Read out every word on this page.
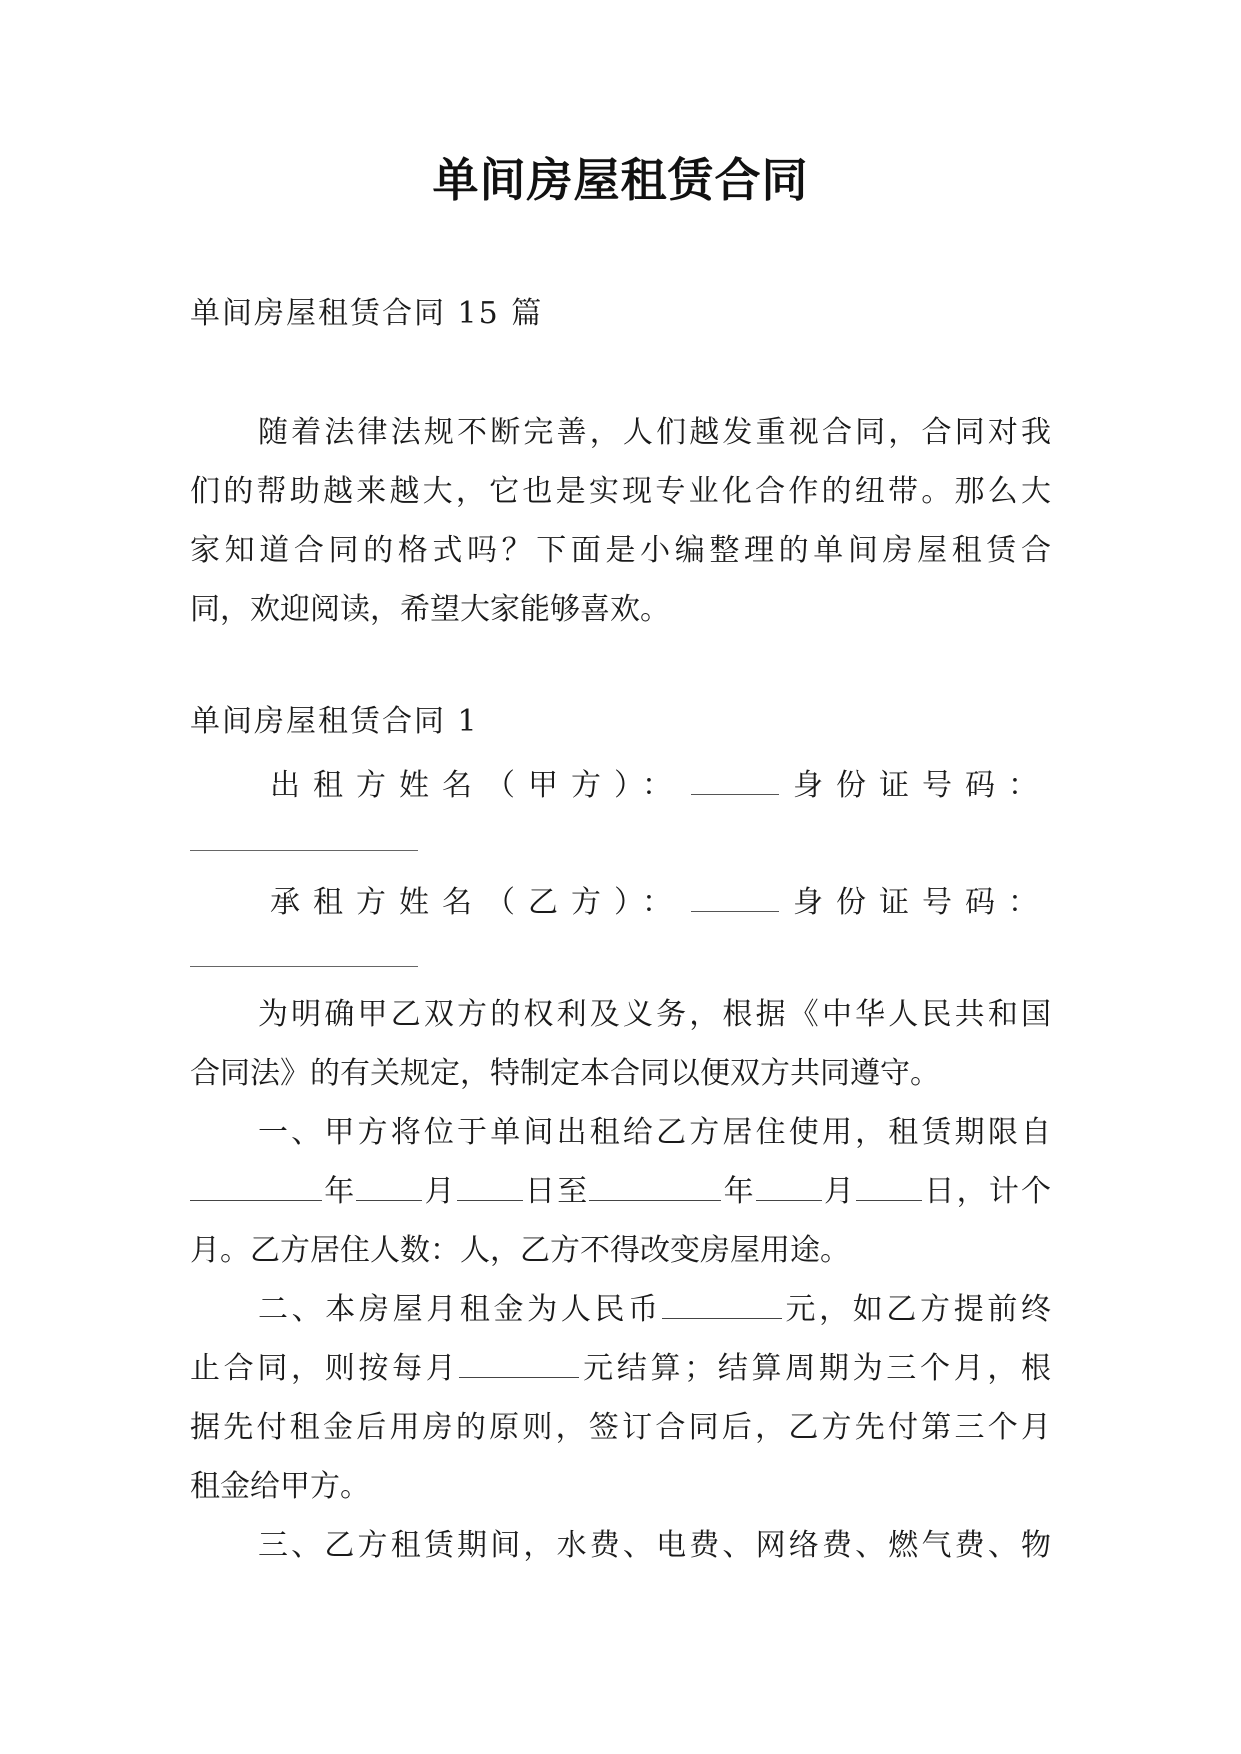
单间房屋租赁合同
单间房屋租赁合同 15 篇
随着法律法规不断完善，人们越发重视合同，合同对我
们的帮助越来越大，它也是实现专业化合作的纽带。那么大
家知道合同的格式吗？下面是小编整理的单间房屋租赁合
同，欢迎阅读，希望大家能够喜欢。
单间房屋租赁合同 1
出租方姓名（甲方）：	身份证号码：
承租方姓名（乙方）：	身份证号码：
为明确甲乙双方的权利及义务，根据《中华人民共和国
合同法》的有关规定，特制定本合同以便双方共同遵守。
一、甲方将位于单间出租给乙方居住使用，租赁期限自
年 月 日至	年 月 日，计个
月。乙方居住人数：人，乙方不得改变房屋用途。
二、本房屋月租金为人民币	元，如乙方提前终
止合同，则按每月	元结算；结算周期为三个月，根
据先付租金后用房的原则，签订合同后，乙方先付第三个月
租金给甲方。
三、乙方租赁期间，水费、电费、网络费、燃气费、物
